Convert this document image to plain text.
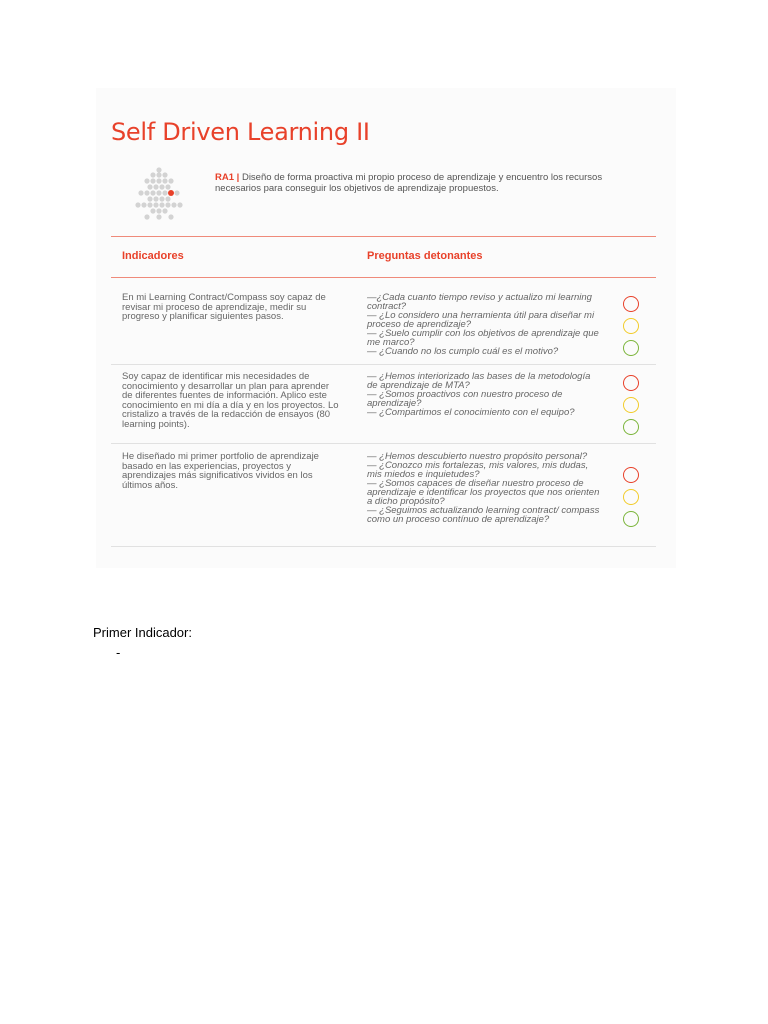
Self Driven Learning II
RA1 | Diseño de forma proactiva mi propio proceso de aprendizaje y encuentro los recursos necesarios para conseguir los objetivos de aprendizaje propuestos.
Indicadores	Preguntas detonantes
En mi Learning Contract/Compass soy capaz de revisar mi proceso de aprendizaje, medir su progreso y planificar siguientes pasos.
—¿Cada cuanto tiempo reviso y actualizo mi learning contract?
— ¿Lo considero una herramienta útil para diseñar mi proceso de aprendizaje?
— ¿Suelo cumplir con los objetivos de aprendizaje que me marco?
— ¿Cuando no los cumplo cuál es el motivo?
Soy capaz de identificar mis necesidades de conocimiento y desarrollar un plan para aprender de diferentes fuentes de información. Aplico este conocimiento en mi día a día y en los proyectos. Lo cristalizo a través de la redacción de ensayos (80 learning points).
— ¿Hemos interiorizado las bases de la metodología de aprendizaje de MTA?
— ¿Somos proactivos con nuestro proceso de aprendizaje?
— ¿Compartimos el conocimiento con el equipo?
He diseñado mi primer portfolio de aprendizaje basado en las experiencias, proyectos y aprendizajes más significativos vividos en los últimos años.
— ¿Hemos descubierto nuestro propósito personal?
— ¿Conozco mis fortalezas, mis valores, mis dudas, mis miedos e inquietudes?
— ¿Somos capaces de diseñar nuestro proceso de aprendizaje e identificar los proyectos que nos orienten a dicho propósito?
— ¿Seguimos actualizando learning contract/ compass como un proceso contínuo de aprendizaje?
Primer Indicador:
-
